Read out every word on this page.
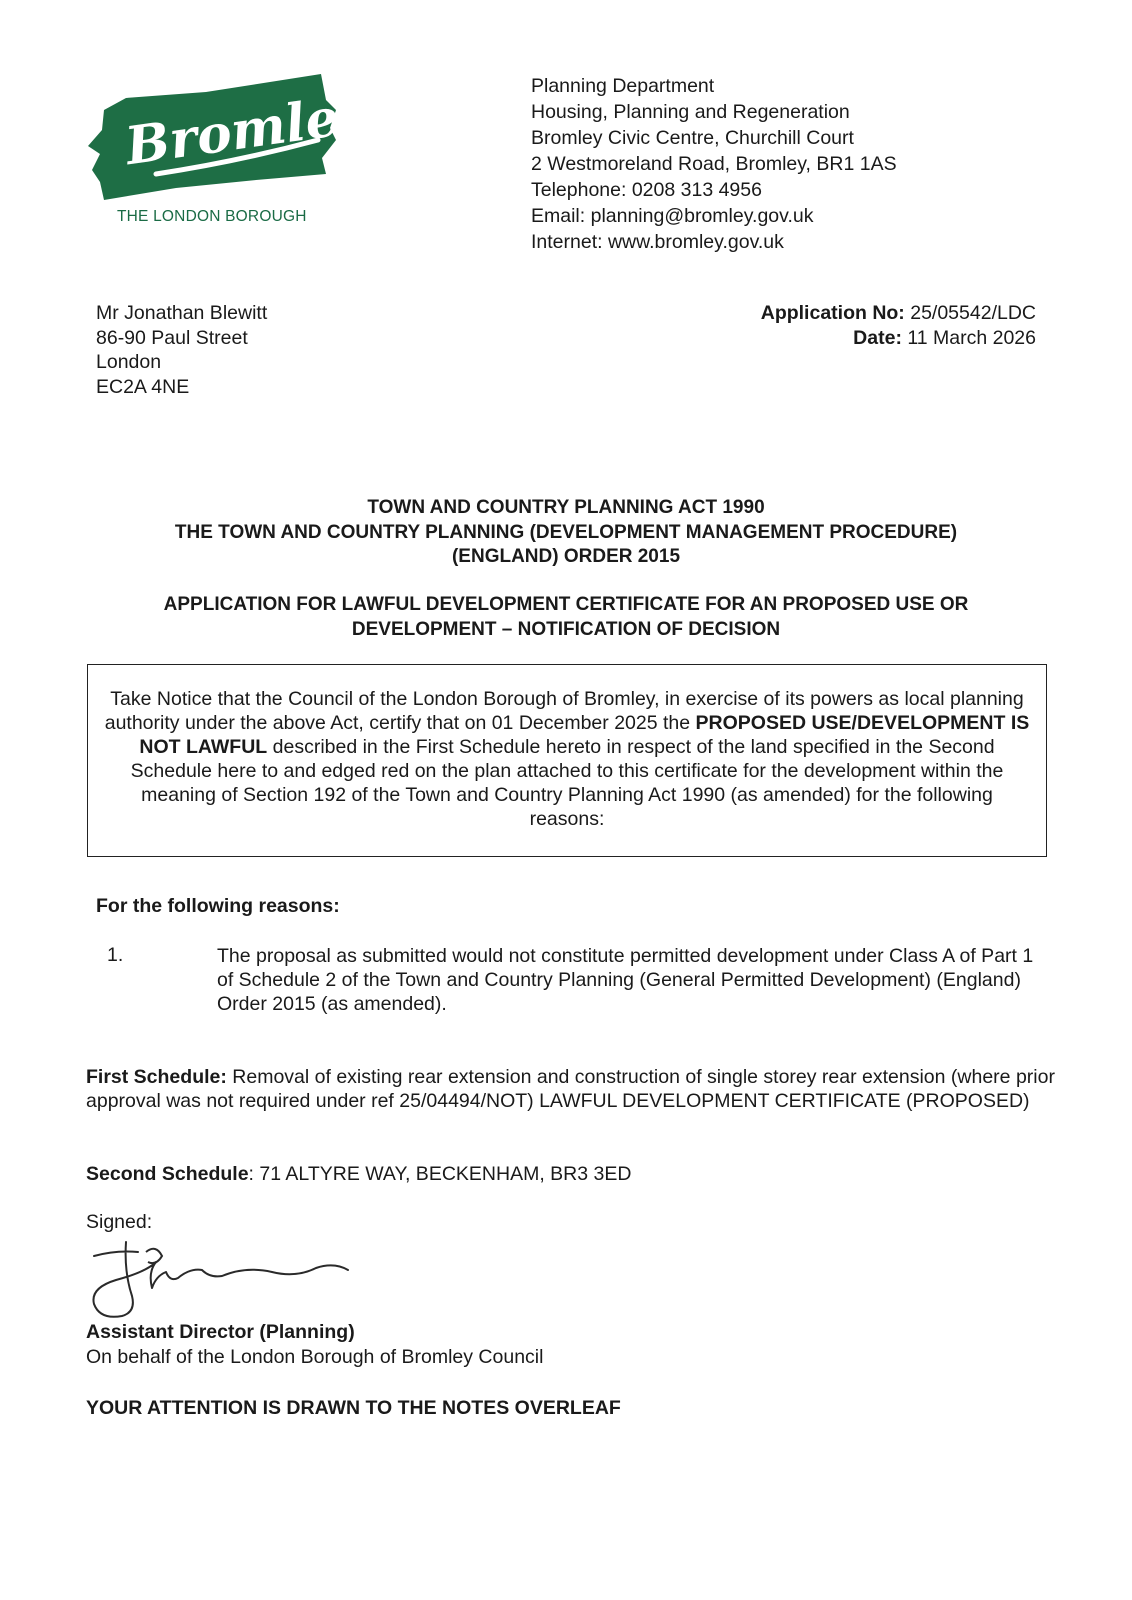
Bromley
THE LONDON BOROUGH
Planning Department
Housing, Planning and Regeneration
Bromley Civic Centre, Churchill Court
2 Westmoreland Road, Bromley, BR1 1AS
Telephone: 0208 313 4956
Email: planning@bromley.gov.uk
Internet: www.bromley.gov.uk
Mr Jonathan Blewitt
86-90 Paul Street
London
EC2A 4NE
Application No: 25/05542/LDC
Date: 11 March 2026
TOWN AND COUNTRY PLANNING ACT 1990
THE TOWN AND COUNTRY PLANNING (DEVELOPMENT MANAGEMENT PROCEDURE)
(ENGLAND) ORDER 2015
APPLICATION FOR LAWFUL DEVELOPMENT CERTIFICATE FOR AN PROPOSED USE OR
DEVELOPMENT – NOTIFICATION OF DECISION
Take Notice that the Council of the London Borough of Bromley, in exercise of its powers as local planning authority under the above Act, certify that on 01 December 2025 the PROPOSED USE/DEVELOPMENT IS NOT LAWFUL described in the First Schedule hereto in respect of the land specified in the Second Schedule here to and edged red on the plan attached to this certificate for the development within the meaning of Section 192 of the Town and Country Planning Act 1990 (as amended) for the following reasons:
For the following reasons:
1.	The proposal as submitted would not constitute permitted development under Class A of Part 1 of Schedule 2 of the Town and Country Planning (General Permitted Development) (England) Order 2015 (as amended).
First Schedule: Removal of existing rear extension and construction of single storey rear extension (where prior approval was not required under ref 25/04494/NOT) LAWFUL DEVELOPMENT CERTIFICATE (PROPOSED)
Second Schedule: 71 ALTYRE WAY, BECKENHAM, BR3 3ED
Signed:
Assistant Director (Planning)
On behalf of the London Borough of Bromley Council
YOUR ATTENTION IS DRAWN TO THE NOTES OVERLEAF
